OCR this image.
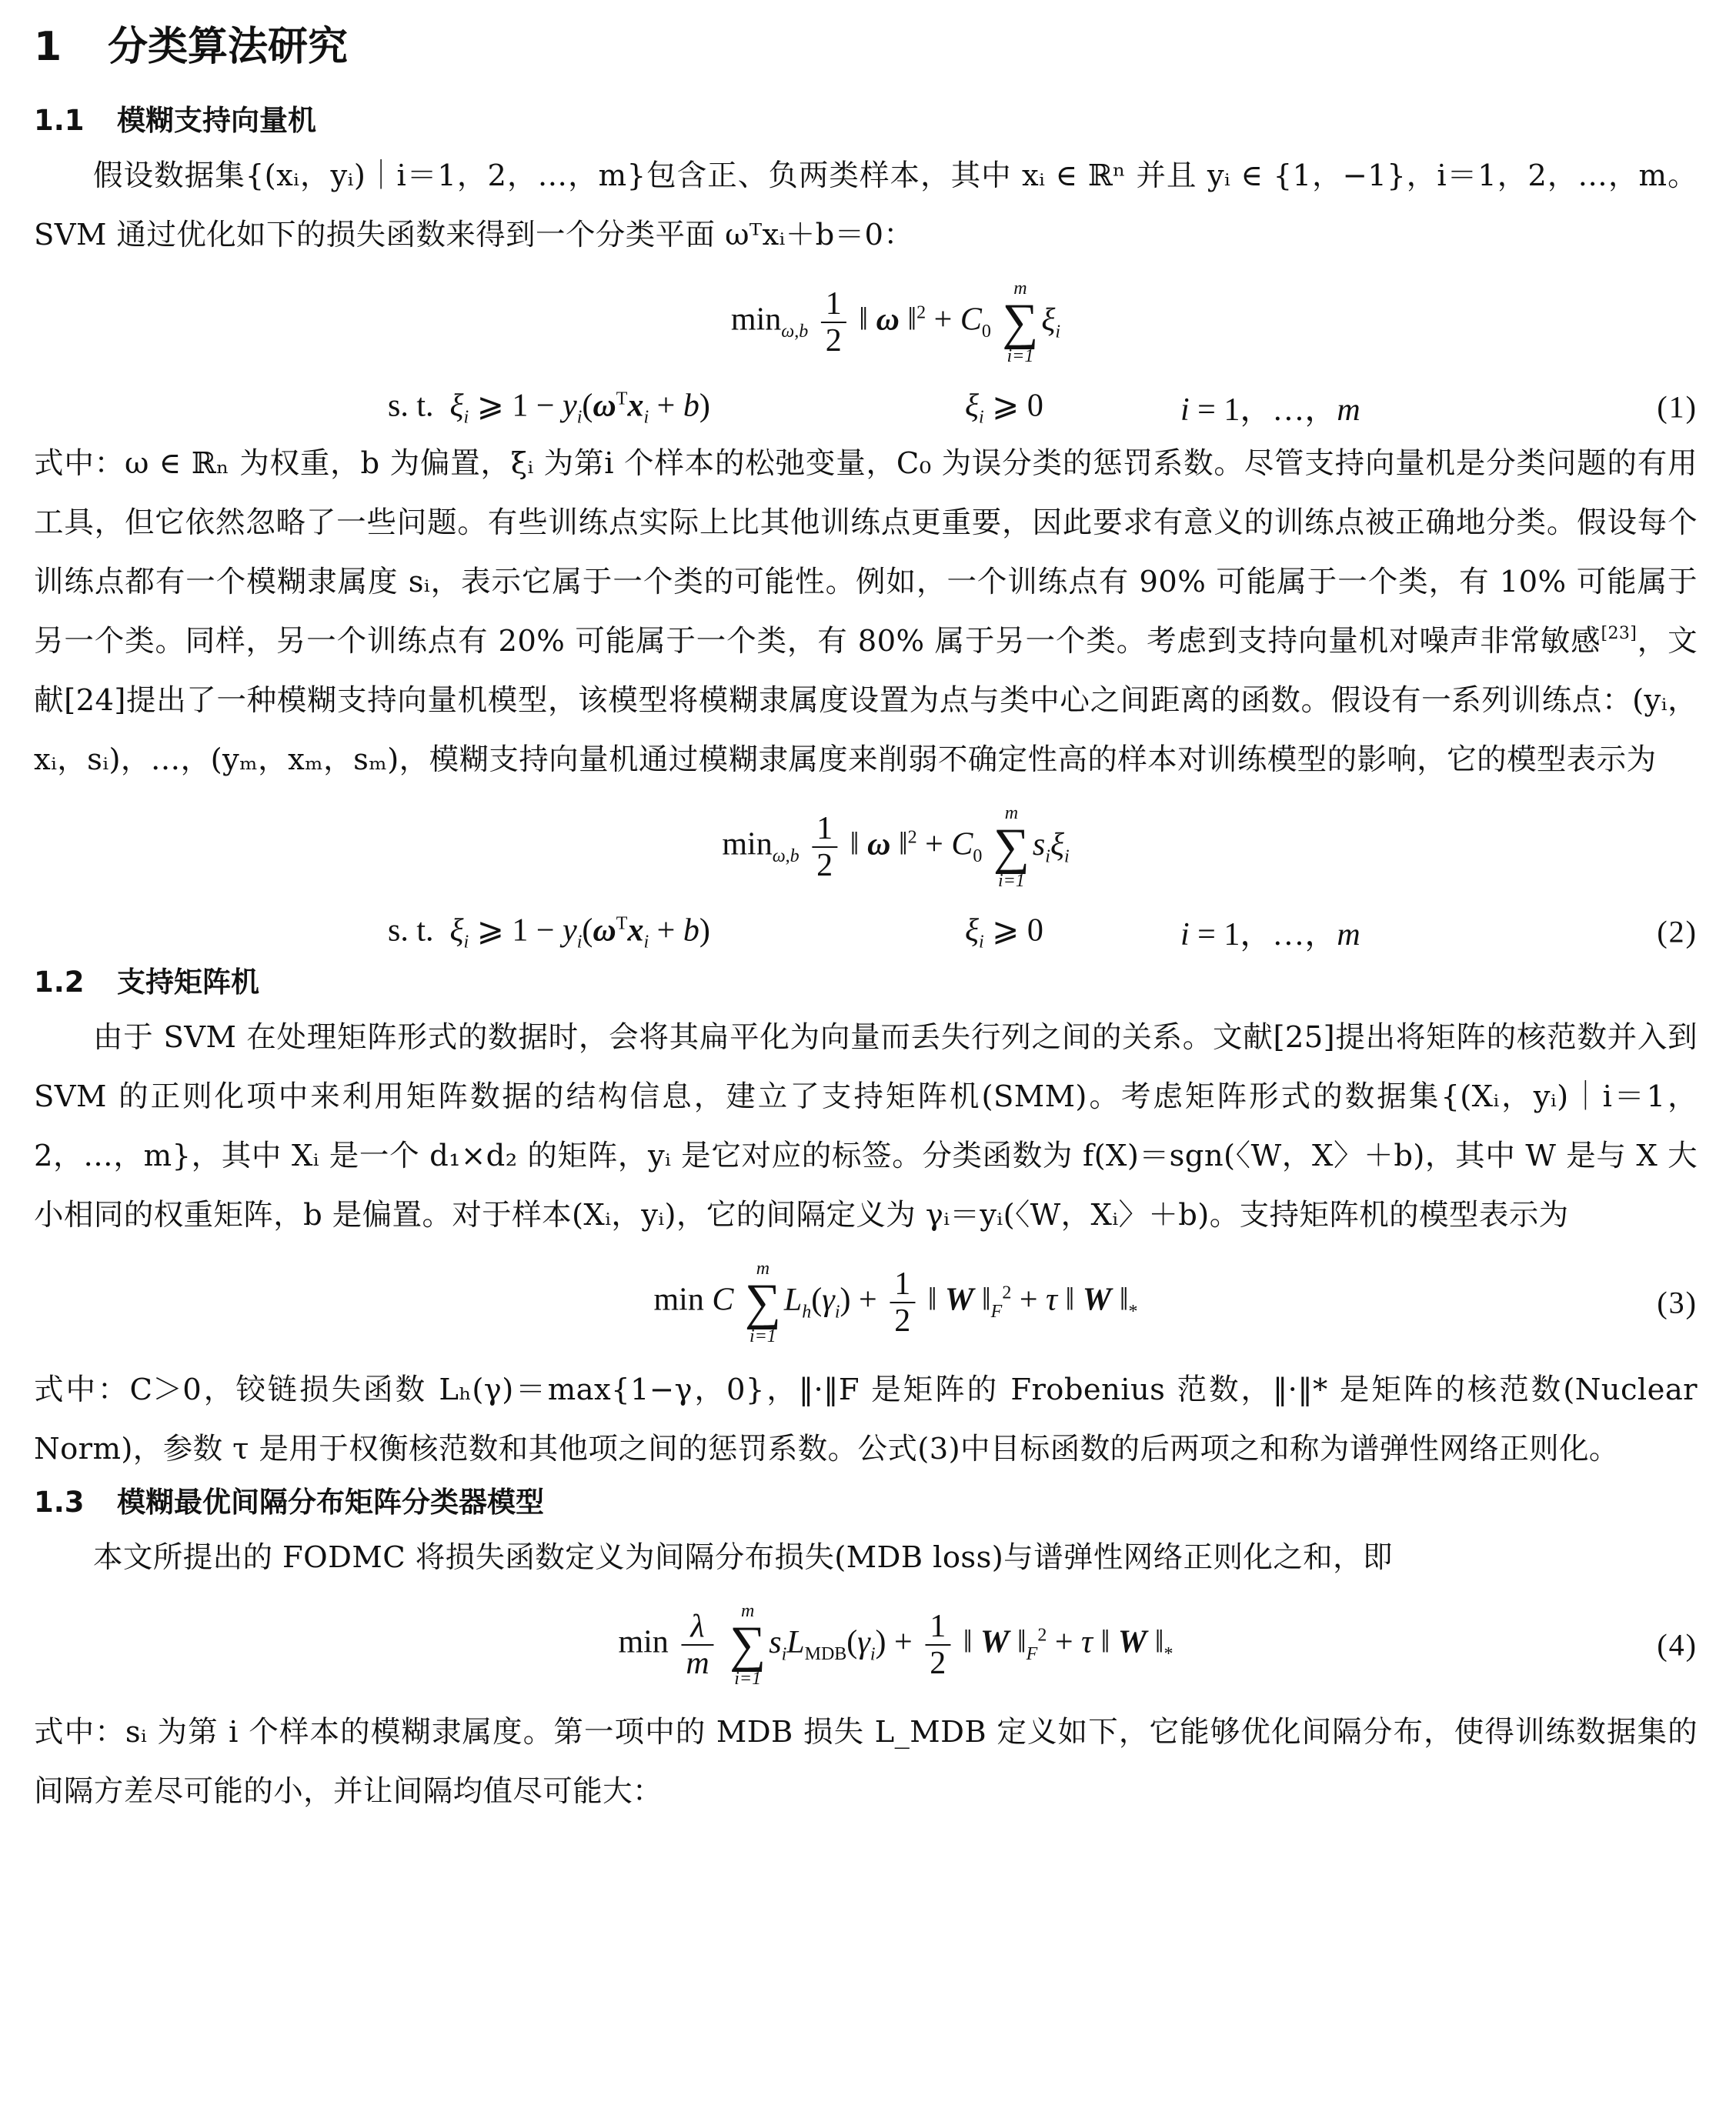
1 分类算法研究
1.1 模糊支持向量机

假设数据集{(xᵢ，yᵢ)｜i＝1，2，…，m}包含正、负两类样本，其中 xᵢ ∈ ℝⁿ 并且 yᵢ ∈ {1，−1}，i＝1，2，…，m。SVM 通过优化如下的损失函数来得到一个分类平面 ωᵀxᵢ＋b＝0：

$\min_{\omega,b} \frac{1}{2}$ ‖ ω ‖$^2$ + $C_0$
m
∑
i=1
$\xi_i$
s. t.  $\xi_i$ ⩾ $1 - y_i(\omega^Tx_i + b)$	$\xi_i$ ⩾ 0	i = 1，…，m	(1)

式中：ω ∈ ℝₙ 为权重，b 为偏置，ξᵢ 为第i 个样本的松弛变量，C₀ 为误分类的惩罚系数。尽管支持向量机是分类问题的有用工具，但它依然忽略了一些问题。有些训练点实际上比其他训练点更重要，因此要求有意义的训练点被正确地分类。假设每个训练点都有一个模糊隶属度 sᵢ，表示它属于一个类的可能性。例如，一个训练点有 90% 可能属于一个类，有 10% 可能属于另一个类。同样，另一个训练点有 20% 可能属于一个类，有 80% 属于另一个类。考虑到支持向量机对噪声非常敏感[23]，文献[24]提出了一种模糊支持向量机模型，该模型将模糊隶属度设置为点与类中心之间距离的函数。假设有一系列训练点：(yᵢ，xᵢ，sᵢ)，…，(yₘ，xₘ，sₘ)，模糊支持向量机通过模糊隶属度来削弱不确定性高的样本对训练模型的影响，它的模型表示为

$\min_{\omega,b} \frac{1}{2}$ ‖ ω ‖$^2$ + $C_0$
m
∑
i=1
$s_i\xi_i$
s. t.  $\xi_i$ ⩾ $1 - y_i(\omega^Tx_i + b)$	$\xi_i$ ⩾ 0	i = 1，…，m	(2)
1.2 支持矩阵机

由于 SVM 在处理矩阵形式的数据时，会将其扁平化为向量而丢失行列之间的关系。文献[25]提出将矩阵的核范数并入到 SVM 的正则化项中来利用矩阵数据的结构信息，建立了支持矩阵机(SMM)。考虑矩阵形式的数据集{(Xᵢ，yᵢ)｜i＝1，2，…，m}，其中 Xᵢ 是一个 d₁×d₂ 的矩阵，yᵢ 是它对应的标签。分类函数为 f(X)＝sgn(〈W，X〉＋b)，其中 W 是与 X 大小相同的权重矩阵，b 是偏置。对于样本(Xᵢ，yᵢ)，它的间隔定义为 γᵢ＝yᵢ(〈W，Xᵢ〉＋b)。支持矩阵机的模型表示为

min C
m
∑
i=1
$L_h(\gamma_i) + \frac{1}{2}$ ‖ W $‖_F^2 + \tau$ ‖ W $‖_*$	(3)

式中：C＞0，铰链损失函数 Lₕ(γ)＝max{1−γ，0}，‖·‖F 是矩阵的 Frobenius 范数，‖·‖* 是矩阵的核范数(Nuclear Norm)，参数 τ 是用于权衡核范数和其他项之间的惩罚系数。公式(3)中目标函数的后两项之和称为谱弹性网络正则化。

1.3 模糊最优间隔分布矩阵分类器模型

本文所提出的 FODMC 将损失函数定义为间隔分布损失(MDB loss)与谱弹性网络正则化之和，即

$\min \frac{\lambda}{m}$
	m
∑
i=1
$s_iL_{MDB}(\gamma_i) + \frac{1}{2}$ ‖ W $‖_F^2 + \tau$ ‖ W $‖_*$	(4)

式中：sᵢ 为第 i 个样本的模糊隶属度。第一项中的 MDB 损失 L_MDB 定义如下，它能够优化间隔分布，使得训练数据集的间隔方差尽可能的小，并让间隔均值尽可能大：
